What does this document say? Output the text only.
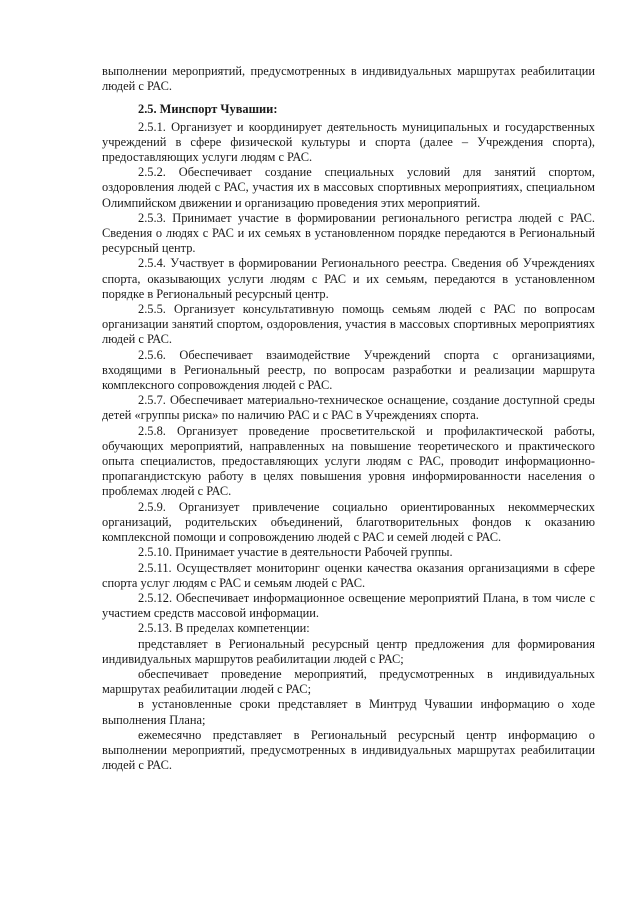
выполнении мероприятий, предусмотренных в индивидуальных маршрутах реабилитации людей с РАС.

2.5. Минспорт Чувашии:

2.5.1. Организует и координирует деятельность муниципальных и государственных учреждений в сфере физической культуры и спорта (далее – Учреждения спорта), предоставляющих услуги людям с РАС.

2.5.2. Обеспечивает создание специальных условий для занятий спортом, оздоровления людей с РАС, участия их в массовых спортивных мероприятиях, специальном Олимпийском движении и организацию проведения этих мероприятий.

2.5.3. Принимает участие в формировании регионального регистра людей с РАС. Сведения о людях с РАС и их семьях в установленном порядке передаются в Региональный ресурсный центр.

2.5.4. Участвует в формировании Регионального реестра. Сведения об Учреждениях спорта, оказывающих услуги людям с РАС и их семьям, передаются в установленном порядке в Региональный ресурсный центр.

2.5.5. Организует консультативную помощь семьям людей с РАС по вопросам организации занятий спортом, оздоровления, участия в массовых спортивных мероприятиях людей с РАС.

2.5.6. Обеспечивает взаимодействие Учреждений спорта с организациями, входящими в Региональный реестр, по вопросам разработки и реализации маршрута комплексного сопровождения людей с РАС.

2.5.7. Обеспечивает материально-техническое оснащение, создание доступной среды детей «группы риска» по наличию РАС и с РАС в Учреждениях спорта.

2.5.8. Организует проведение просветительской и профилактической работы, обучающих мероприятий, направленных на повышение теоретического и практического опыта специалистов, предоставляющих услуги людям с РАС, проводит информационно-пропагандистскую работу в целях повышения уровня информированности населения о проблемах людей с РАС.

2.5.9. Организует привлечение социально ориентированных некоммерческих организаций, родительских объединений, благотворительных фондов к оказанию комплексной помощи и сопровождению людей с РАС и семей людей с РАС.

2.5.10. Принимает участие в деятельности Рабочей группы.

2.5.11. Осуществляет мониторинг оценки качества оказания организациями в сфере спорта услуг людям с РАС и семьям людей с РАС.

2.5.12. Обеспечивает информационное освещение мероприятий Плана, в том числе с участием средств массовой информации.

2.5.13. В пределах компетенции:

представляет в Региональный ресурсный центр предложения для формирования индивидуальных маршрутов реабилитации людей с РАС;

обеспечивает проведение мероприятий, предусмотренных в индивидуальных маршрутах реабилитации людей с РАС;

в установленные сроки представляет в Минтруд Чувашии информацию о ходе выполнения Плана;

ежемесячно представляет в Региональный ресурсный центр информацию о выполнении мероприятий, предусмотренных в индивидуальных маршрутах реабилитации людей с РАС.
